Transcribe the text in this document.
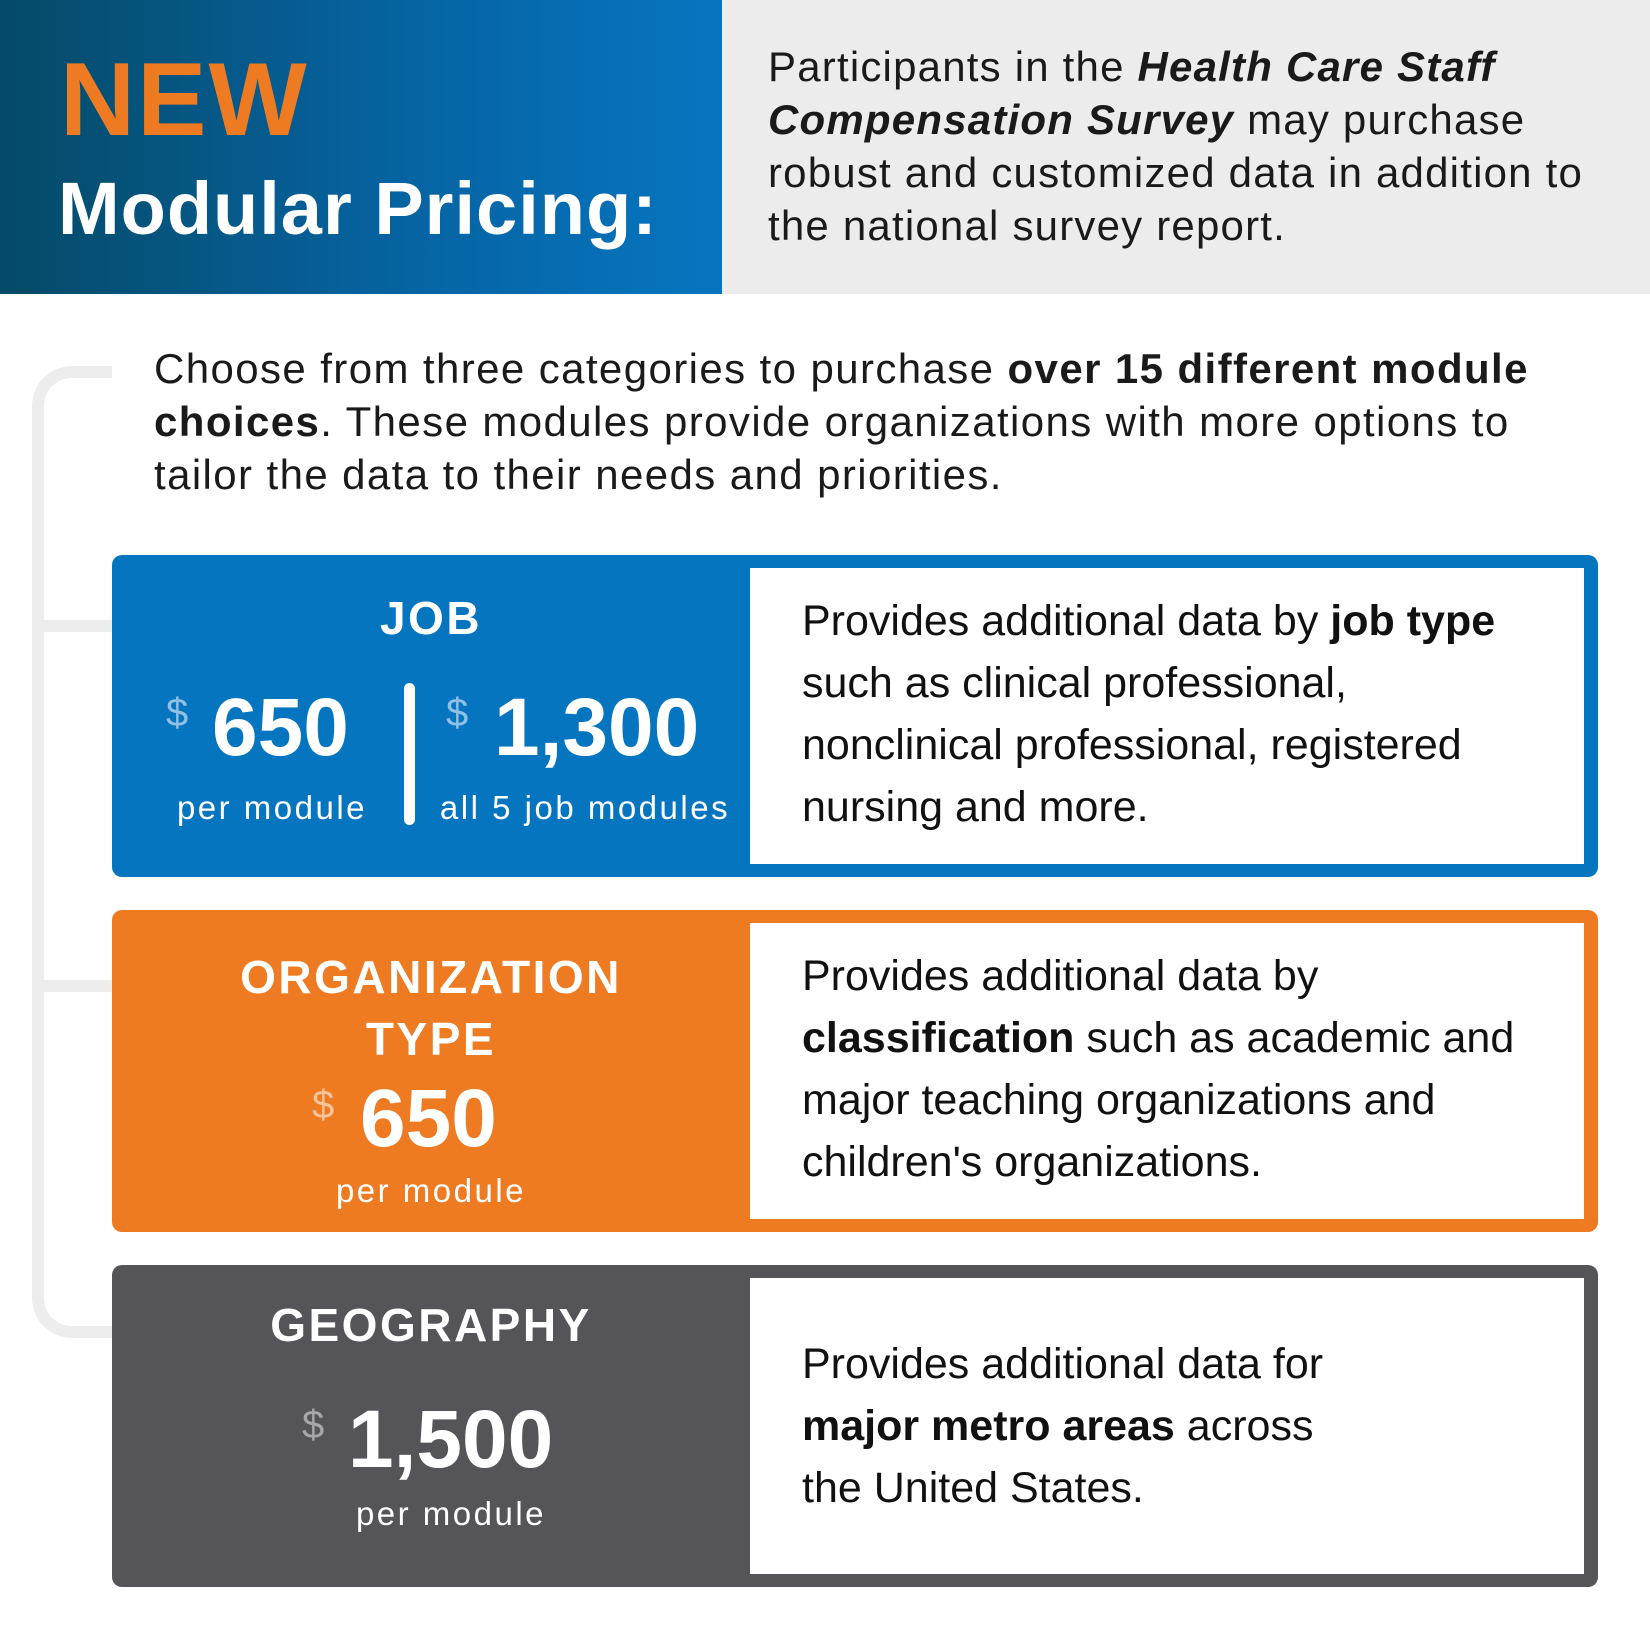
NEW
Modular Pricing:
Participants in the Health Care Staff Compensation Survey may purchase robust and customized data in addition to the national survey report.
Choose from three categories to purchase over 15 different module choices. These modules provide organizations with more options to tailor the data to their needs and priorities.
JOB
$ 650
per module
$ 1,300
all 5 job modules
Provides additional data by job type such as clinical professional, nonclinical professional, registered nursing and more.
ORGANIZATION
TYPE
$ 650
per module
Provides additional data by classification such as academic and major teaching organizations and children's organizations.
GEOGRAPHY
$ 1,500
per module
Provides additional data for major metro areas across the United States.
